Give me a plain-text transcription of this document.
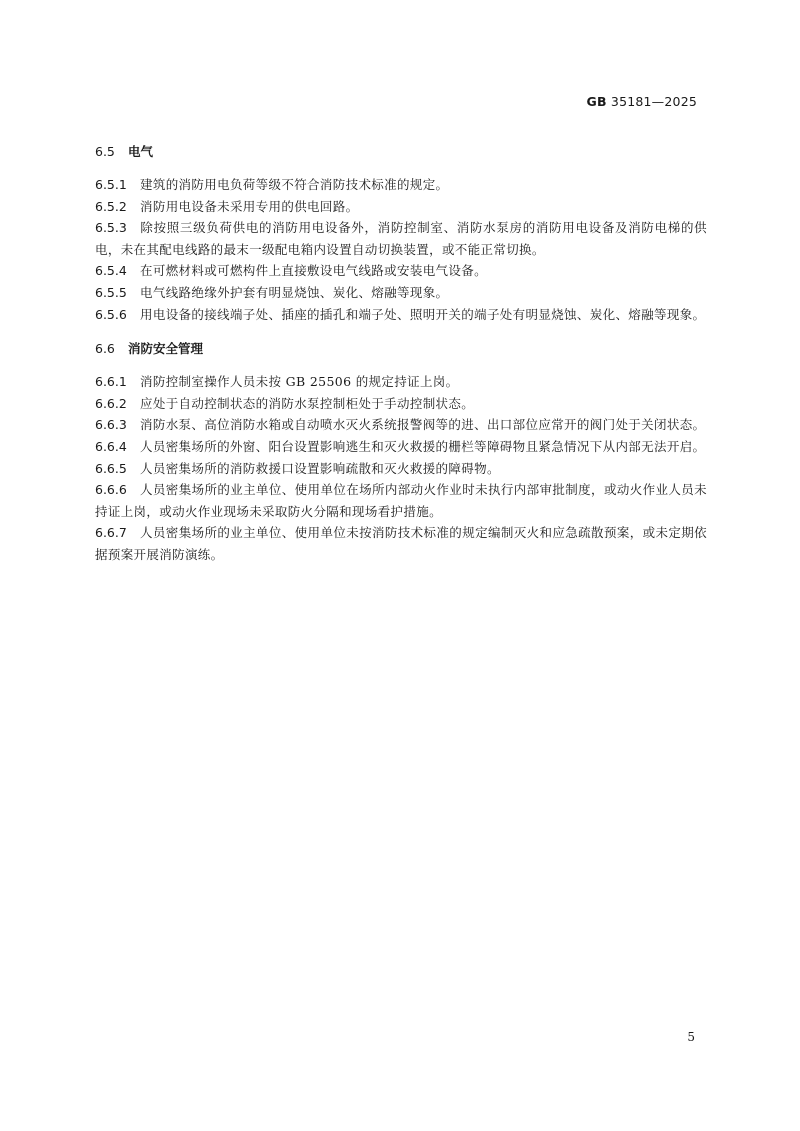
GB 35181—2025
6.5 电气

6.5.1 建筑的消防用电负荷等级不符合消防技术标准的规定。

6.5.2 消防用电设备未采用专用的供电回路。

6.5.3 除按照三级负荷供电的消防用电设备外，消防控制室、消防水泵房的消防用电设备及消防电梯的供电，未在其配电线路的最末一级配电箱内设置自动切换装置，或不能正常切换。

6.5.4 在可燃材料或可燃构件上直接敷设电气线路或安装电气设备。

6.5.5 电气线路绝缘外护套有明显烧蚀、炭化、熔融等现象。

6.5.6 用电设备的接线端子处、插座的插孔和端子处、照明开关的端子处有明显烧蚀、炭化、熔融等现象。

6.6 消防安全管理

6.6.1 消防控制室操作人员未按 GB 25506 的规定持证上岗。

6.6.2 应处于自动控制状态的消防水泵控制柜处于手动控制状态。

6.6.3 消防水泵、高位消防水箱或自动喷水灭火系统报警阀等的进、出口部位应常开的阀门处于关闭状态。

6.6.4 人员密集场所的外窗、阳台设置影响逃生和灭火救援的栅栏等障碍物且紧急情况下从内部无法开启。

6.6.5 人员密集场所的消防救援口设置影响疏散和灭火救援的障碍物。

6.6.6 人员密集场所的业主单位、使用单位在场所内部动火作业时未执行内部审批制度，或动火作业人员未持证上岗，或动火作业现场未采取防火分隔和现场看护措施。

6.6.7 人员密集场所的业主单位、使用单位未按消防技术标准的规定编制灭火和应急疏散预案，或未定期依据预案开展消防演练。

5
